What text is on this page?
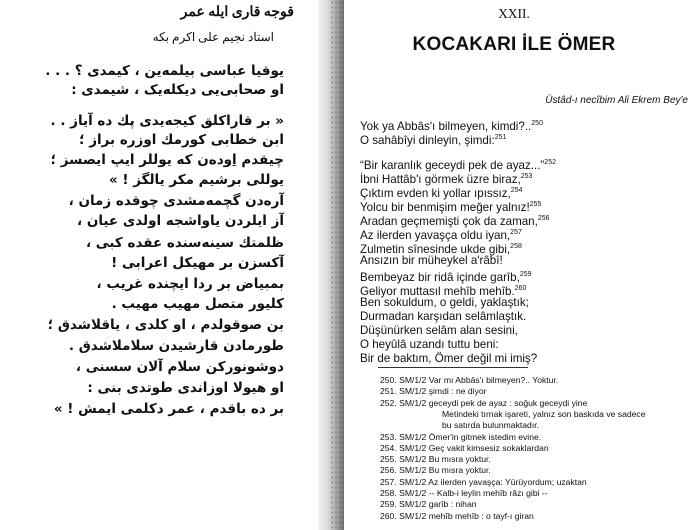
قوجه قاری ایله عمر
استاد نجیم علی اکرم بکه
یوقیا عباسی بیلمه‌ین ، کیمدی ؟ . . .
او صحابی‌یی دیکله‌یک ، شیمدی :
« بر قاراکلق کیجه‌یدی پك ده آیاز . .
ابن خطابی کورمك اوزره براز ؛
چیقدم اِوده‌ن که یوللر ایپ ایصسز ؛
یوللی برشیم مکر یالگز ! »
آره‌دن گچمه‌مشدی چوقده زمان ،
آز ایلردن یاواشجه اولدی عیان ،
ظلمتك سینه‌سنده عقده کبی ،
آکسزن بر مهیکل اعرابی !
بمبیاض بر ردا ایچنده غریب ،
کلیور متصل مهیب مهیب .
بن صوقولدم ، او کلدی ، یاقلاشدق ؛
طورمادن قارشیدن سلاملاشدق .
دوشونورکن سلام آلان سسنی ،
او هیولا اوزاندی طوتدی بنی :
بر ده باقدم ، عمر دکلمی ایمش ! »
XXII.
KOCAKARI İLE ÖMER
Üstâd-ı necîbim Ali Ekrem Bey'e
Yok ya Abbâs'ı bilmeyen, kimdi?..$^{250}$
O sahâbîyi dinleyin, şimdi:$^{251}$
“Bir karanlık geceydi pek de ayaz...”$^{252}$
İbni Hattâb'ı görmek üzre biraz,$^{253}$
Çıktım evden ki yollar ıpıssız,$^{254}$
Yolcu bir benmişim meğer yalnız!$^{255}$
Aradan geçmemişti çok da zaman,$^{256}$
Az ilerden yavaşça oldu iyan,$^{257}$
Zulmetin sînesinde ukde gibi,$^{258}$
Ansızın bir müheykel a'râbî!
Bembeyaz bir ridâ içinde garîb,$^{259}$
Geliyor muttasıl mehîb mehîb.$^{260}$
Ben sokuldum, o geldi, yaklaştık;
Durmadan karşıdan selâmlaştık.
Düşünürken selâm alan sesini,
O heyûlâ uzandı tuttu beni:
Bir de baktım, Ömer değil mi imiş?
250. SM/1/2 Var mı Abbâs'ı bilmeyen?.. Yoktur.
251. SM/1/2 şimdi : ne diyor
252. SM/1/2 geceydi pek de ayaz : soğuk geceydi yine
Metindeki tırnak işareti, yalnız son baskıda ve sadece
bu satırda bulunmaktadır.
253. SM/1/2 Ömer'in gitmek istedim evine.
254. SM/1/2 Geç vakit kimsesiz sokaklardan
255. SM/1/2 Bu mısra yoktur.
256. SM/1/2 Bu mısra yoktur.
257. SM/1/2 Az ilerden yavaşça: Yürüyordum; uzaktan
258. SM/1/2 -- Kalb-i leylin mehîb râzı gibi --
259. SM/1/2 garîb : nihan
260. SM/1/2 mehîb mehîb : o tayf-ı giran
